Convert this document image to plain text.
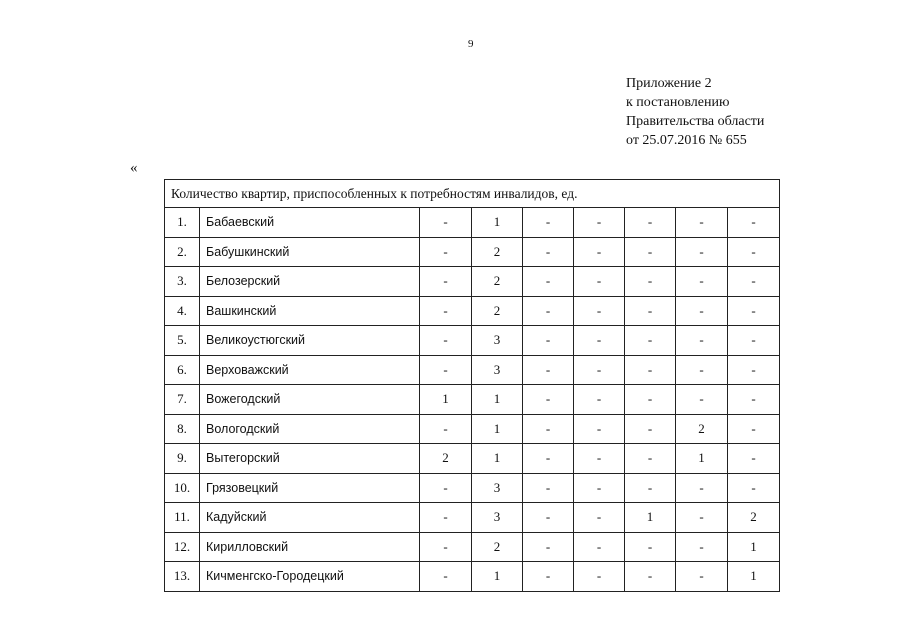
9
Приложение 2
к постановлению
Правительства области
от 25.07.2016 № 655
«
Количество квартир, приспособленных к потребностям инвалидов, ед.								
1.	Бабаевский	-	1	-	-	-	-	-
2.	Бабушкинский	-	2	-	-	-	-	-
3.	Белозерский	-	2	-	-	-	-	-
4.	Вашкинский	-	2	-	-	-	-	-
5.	Великоустюгский	-	3	-	-	-	-	-
6.	Верховажский	-	3	-	-	-	-	-
7.	Вожегодский	1	1	-	-	-	-	-
8.	Вологодский	-	1	-	-	-	2	-
9.	Вытегорский	2	1	-	-	-	1	-
10.	Грязовецкий	-	3	-	-	-	-	-
11.	Кадуйский	-	3	-	-	1	-	2
12.	Кирилловский	-	2	-	-	-	-	1
13.	Кичменгско-Городецкий	-	1	-	-	-	-	1
